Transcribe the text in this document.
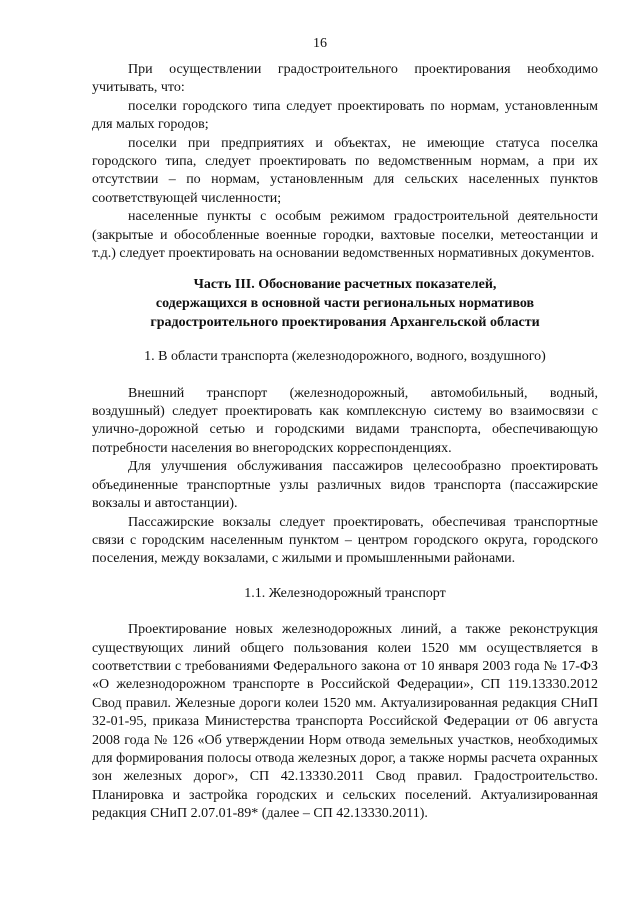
16

При осуществлении градостроительного проектирования необходимо учитывать, что:

поселки городского типа следует проектировать по нормам, установленным для малых городов;

поселки при предприятиях и объектах, не имеющие статуса поселка городского типа, следует проектировать по ведомственным нормам, а при их отсутствии – по нормам, установленным для сельских населенных пунктов соответствующей численности;

населенные пункты с особым режимом градостроительной деятельности (закрытые и обособленные военные городки, вахтовые поселки, метеостанции и т.д.) следует проектировать на основании ведомственных нормативных документов.

Часть III. Обоснование расчетных показателей,
содержащихся в основной части региональных нормативов
градостроительного проектирования Архангельской области
1. В области транспорта (железнодорожного, водного, воздушного)

Внешний транспорт (железнодорожный, автомобильный, водный, воздушный) следует проектировать как комплексную систему во взаимосвязи с улично-дорожной сетью и городскими видами транспорта, обеспечивающую потребности населения во внегородских корреспонденциях.

Для улучшения обслуживания пассажиров целесообразно проектировать объединенные транспортные узлы различных видов транспорта (пассажирские вокзалы и автостанции).

Пассажирские вокзалы следует проектировать, обеспечивая транспортные связи с городским населенным пунктом – центром городского округа, городского поселения, между вокзалами, с жилыми и промышленными районами.

1.1. Железнодорожный транспорт

Проектирование новых железнодорожных линий, а также реконструкция существующих линий общего пользования колеи 1520 мм осуществляется в соответствии с требованиями Федерального закона от 10 января 2003 года № 17-ФЗ «О железнодорожном транспорте в Российской Федерации», СП 119.13330.2012 Свод правил. Железные дороги колеи 1520 мм. Актуализированная редакция СНиП 32-01-95, приказа Министерства транспорта Российской Федерации от 06 августа 2008 года № 126 «Об утверждении Норм отвода земельных участков, необходимых для формирования полосы отвода железных дорог, а также нормы расчета охранных зон железных дорог», СП 42.13330.2011 Свод правил. Градостроительство. Планировка и застройка городских и сельских поселений. Актуализированная редакция СНиП 2.07.01-89* (далее – СП 42.13330.2011).
